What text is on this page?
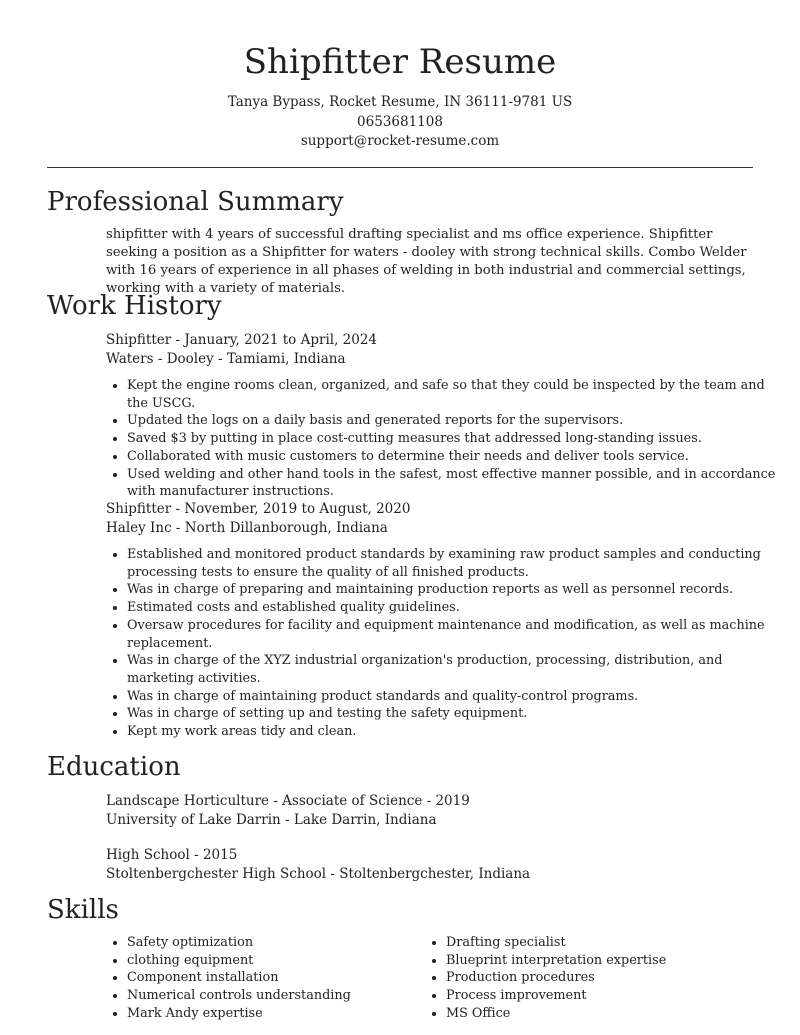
Shipfitter Resume
Tanya Bypass, Rocket Resume, IN 36111-9781 US
0653681108
support@rocket-resume.com
Professional Summary
shipfitter with 4 years of successful drafting specialist and ms office experience. Shipfitter seeking a position as a Shipfitter for waters - dooley with strong technical skills. Combo Welder with 16 years of experience in all phases of welding in both industrial and commercial settings, working with a variety of materials.
Work History
Shipfitter - January, 2021 to April, 2024
Waters - Dooley - Tamiami, Indiana
• Kept the engine rooms clean, organized, and safe so that they could be inspected by the team and the USCG.
• Updated the logs on a daily basis and generated reports for the supervisors.
• Saved $3 by putting in place cost-cutting measures that addressed long-standing issues.
• Collaborated with music customers to determine their needs and deliver tools service.
• Used welding and other hand tools in the safest, most effective manner possible, and in accordance with manufacturer instructions.
Shipfitter - November, 2019 to August, 2020
Haley Inc - North Dillanborough, Indiana
• Established and monitored product standards by examining raw product samples and conducting processing tests to ensure the quality of all finished products.
• Was in charge of preparing and maintaining production reports as well as personnel records.
• Estimated costs and established quality guidelines.
• Oversaw procedures for facility and equipment maintenance and modification, as well as machine replacement.
• Was in charge of the XYZ industrial organization's production, processing, distribution, and marketing activities.
• Was in charge of maintaining product standards and quality-control programs.
• Was in charge of setting up and testing the safety equipment.
• Kept my work areas tidy and clean.
Education
Landscape Horticulture - Associate of Science - 2019
University of Lake Darrin - Lake Darrin, Indiana
High School - 2015
Stoltenbergchester High School - Stoltenbergchester, Indiana
Skills
• Safety optimization
• clothing equipment
• Component installation
• Numerical controls understanding
• Mark Andy expertise
• Drafting specialist
• Blueprint interpretation expertise
• Production procedures
• Process improvement
• MS Office
